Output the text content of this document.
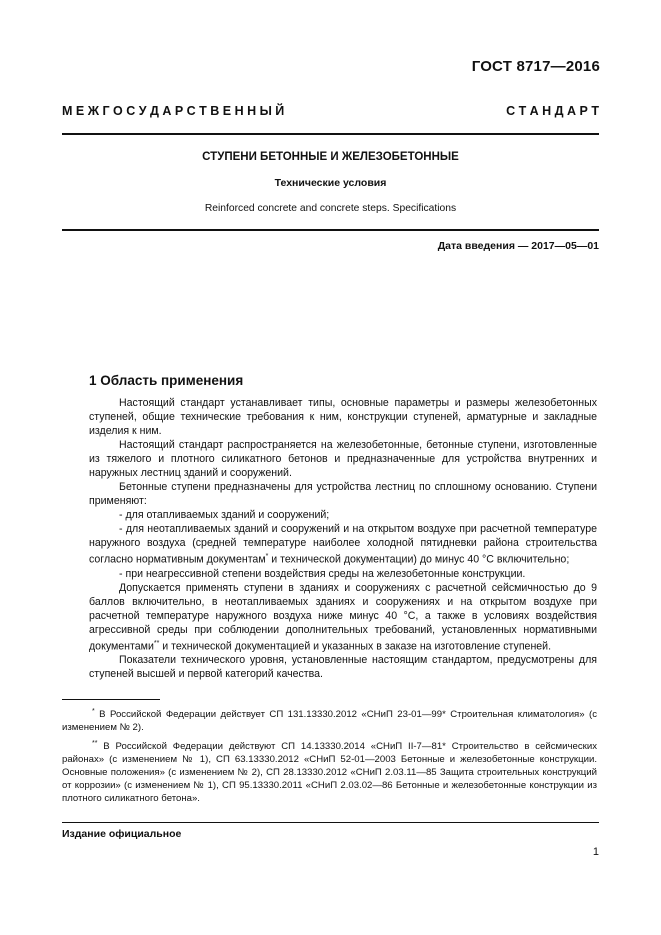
ГОСТ 8717—2016
М Е Ж Г О С У Д А Р С Т В Е Н Н Ы Й	С Т А Н Д А Р Т
СТУПЕНИ БЕТОННЫЕ И ЖЕЛЕЗОБЕТОННЫЕ
Технические условия
Reinforced concrete and concrete steps. Specifications
Дата введения — 2017—05—01
1 Область применения

Настоящий стандарт устанавливает типы, основные параметры и размеры железобетонных ступеней, общие технические требования к ним, конструкции ступеней, арматурные и закладные изделия к ним.

Настоящий стандарт распространяется на железобетонные, бетонные ступени, изготовленные из тяжелого и плотного силикатного бетонов и предназначенные для устройства внутренних и наружных лестниц зданий и сооружений.

Бетонные ступени предназначены для устройства лестниц по сплошному основанию. Ступени применяют:

- для отапливаемых зданий и сооружений;

- для неотапливаемых зданий и сооружений и на открытом воздухе при расчетной температуре наружного воздуха (средней температуре наиболее холодной пятидневки района строительства согласно нормативным документам* и технической документации) до минус 40 °С включительно;

- при неагрессивной степени воздействия среды на железобетонные конструкции.

Допускается применять ступени в зданиях и сооружениях с расчетной сейсмичностью до 9 баллов включительно, в неотапливаемых зданиях и сооружениях и на открытом воздухе при расчетной температуре наружного воздуха ниже минус 40 °С, а также в условиях воздействия агрессивной среды при соблюдении дополнительных требований, установленных нормативными документами** и технической документацией и указанных в заказе на изготовление ступеней.

Показатели технического уровня, установленные настоящим стандартом, предусмотрены для ступеней высшей и первой категорий качества.

* В Российской Федерации действует СП 131.13330.2012 «СНиП 23-01—99* Строительная климатология» (с изменением № 2).

** В Российской Федерации действуют СП 14.13330.2014 «СНиП II-7—81* Строительство в сейсмических районах» (с изменением № 1), СП 63.13330.2012 «СНиП 52-01—2003 Бетонные и железобетонные конструкции. Основные положения» (с изменением № 2), СП 28.13330.2012 «СНиП 2.03.11—85 Защита строительных конструкций от коррозии» (с изменением № 1), СП 95.13330.2011 «СНиП 2.03.02—86 Бетонные и железобетонные конструкции из плотного силикатного бетона».

Издание официальное
1
